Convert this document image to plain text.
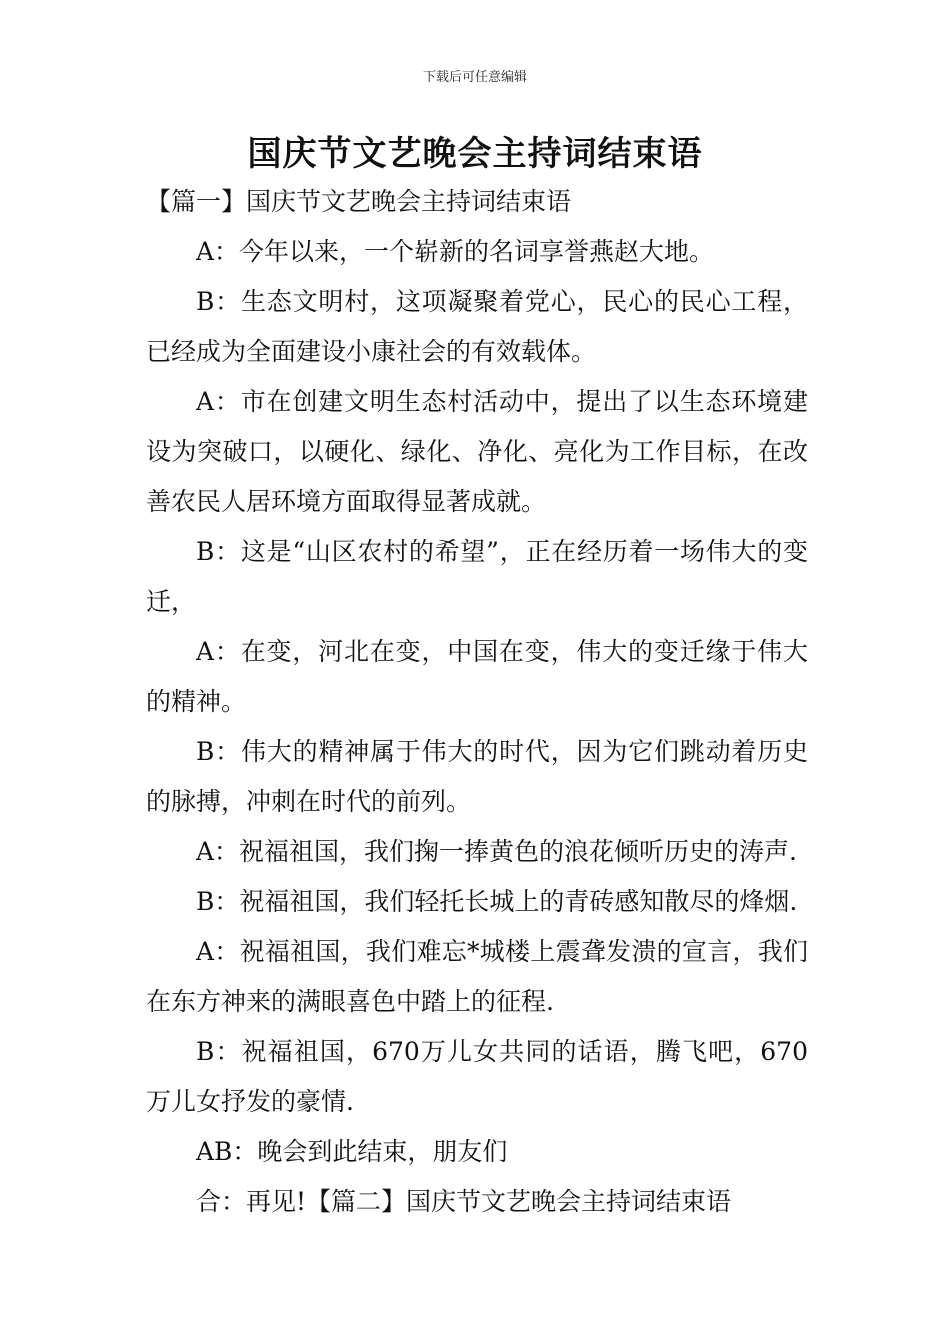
下载后可任意编辑
国庆节文艺晚会主持词结束语

【篇一】国庆节文艺晚会主持词结束语

A：今年以来，一个崭新的名词享誉燕赵大地。

B：生态文明村，这项凝聚着党心，民心的民心工程，已经成为全面建设小康社会的有效载体。

A：市在创建文明生态村活动中，提出了以生态环境建设为突破口，以硬化、绿化、净化、亮化为工作目标，在改善农民人居环境方面取得显著成就。

B：这是“山区农村的希望”，正在经历着一场伟大的变迁，

A：在变，河北在变，中国在变，伟大的变迁缘于伟大的精神。

B：伟大的精神属于伟大的时代，因为它们跳动着历史的脉搏，冲刺在时代的前列。

A：祝福祖国，我们掬一捧黄色的浪花倾听历史的涛声.

B：祝福祖国，我们轻托长城上的青砖感知散尽的烽烟.

A：祝福祖国，我们难忘*城楼上震聋发溃的宣言，我们在东方神来的满眼喜色中踏上的征程.

B：祝福祖国，670万儿女共同的话语，腾飞吧，670万儿女抒发的豪情.

AB：晚会到此结束，朋友们

合：再见!【篇二】国庆节文艺晚会主持词结束语
